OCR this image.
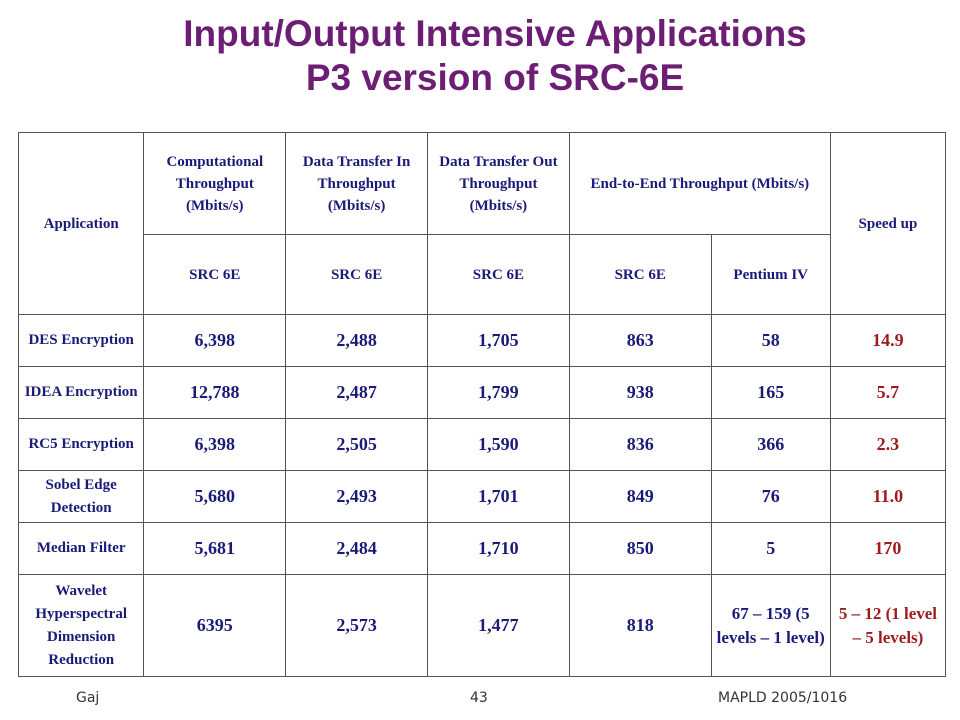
Input/Output Intensive Applications
P3 version of SRC-6E
Application	Computational Throughput (Mbits/s)	Data Transfer In Throughput (Mbits/s)	Data Transfer Out Throughput (Mbits/s)	End-to-End Throughput (Mbits/s)		Speed up
	SRC 6E	SRC 6E	SRC 6E	SRC 6E	Pentium IV	
DES Encryption	6,398	2,488	1,705	863	58	14.9
IDEA Encryption	12,788	2,487	1,799	938	165	5.7
RC5 Encryption	6,398	2,505	1,590	836	366	2.3
Sobel Edge Detection	5,680	2,493	1,701	849	76	11.0
Median Filter	5,681	2,484	1,710	850	5	170
Wavelet Hyperspectral Dimension Reduction	6395	2,573	1,477	818	67 – 159 (5 levels – 1 level)	5 – 12 (1 level – 5 levels)
Gaj	43	MAPLD 2005/1016
